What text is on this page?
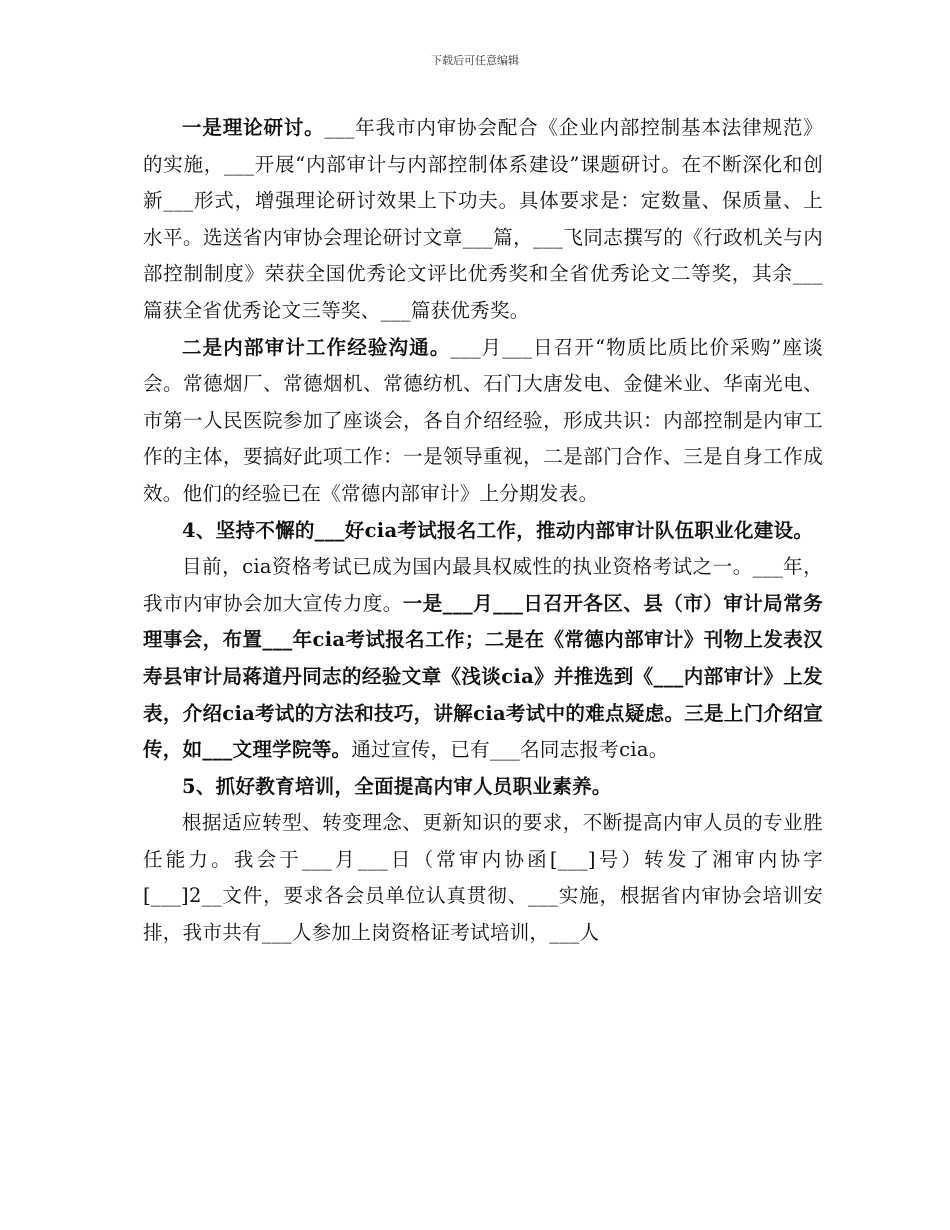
下载后可任意编辑

一是理论研讨。___年我市内审协会配合《企业内部控制基本法律规范》的实施，___开展“内部审计与内部控制体系建设”课题研讨。在不断深化和创新___形式，增强理论研讨效果上下功夫。具体要求是：定数量、保质量、上水平。选送省内审协会理论研讨文章___篇，___飞同志撰写的《行政机关与内部控制制度》荣获全国优秀论文评比优秀奖和全省优秀论文二等奖，其余___篇获全省优秀论文三等奖、___篇获优秀奖。

二是内部审计工作经验沟通。___月___日召开“物质比质比价采购”座谈会。常德烟厂、常德烟机、常德纺机、石门大唐发电、金健米业、华南光电、市第一人民医院参加了座谈会，各自介绍经验，形成共识：内部控制是内审工作的主体，要搞好此项工作：一是领导重视，二是部门合作、三是自身工作成效。他们的经验已在《常德内部审计》上分期发表。

4、坚持不懈的___好cia考试报名工作，推动内部审计队伍职业化建设。

目前，cia资格考试已成为国内最具权威性的执业资格考试之一。___年，我市内审协会加大宣传力度。一是___月___日召开各区、县（市）审计局常务理事会，布置___年cia考试报名工作；二是在《常德内部审计》刊物上发表汉寿县审计局蒋道丹同志的经验文章《浅谈cia》并推选到《___内部审计》上发表，介绍cia考试的方法和技巧，讲解cia考试中的难点疑虑。三是上门介绍宣传，如___文理学院等。通过宣传，已有___名同志报考cia。

5、抓好教育培训，全面提高内审人员职业素养。

根据适应转型、转变理念、更新知识的要求，不断提高内审人员的专业胜任能力。我会于___月___日（常审内协函[___]号）转发了湘审内协字[___]2__文件，要求各会员单位认真贯彻、___实施，根据省内审协会培训安排，我市共有___人参加上岗资格证考试培训，___人
